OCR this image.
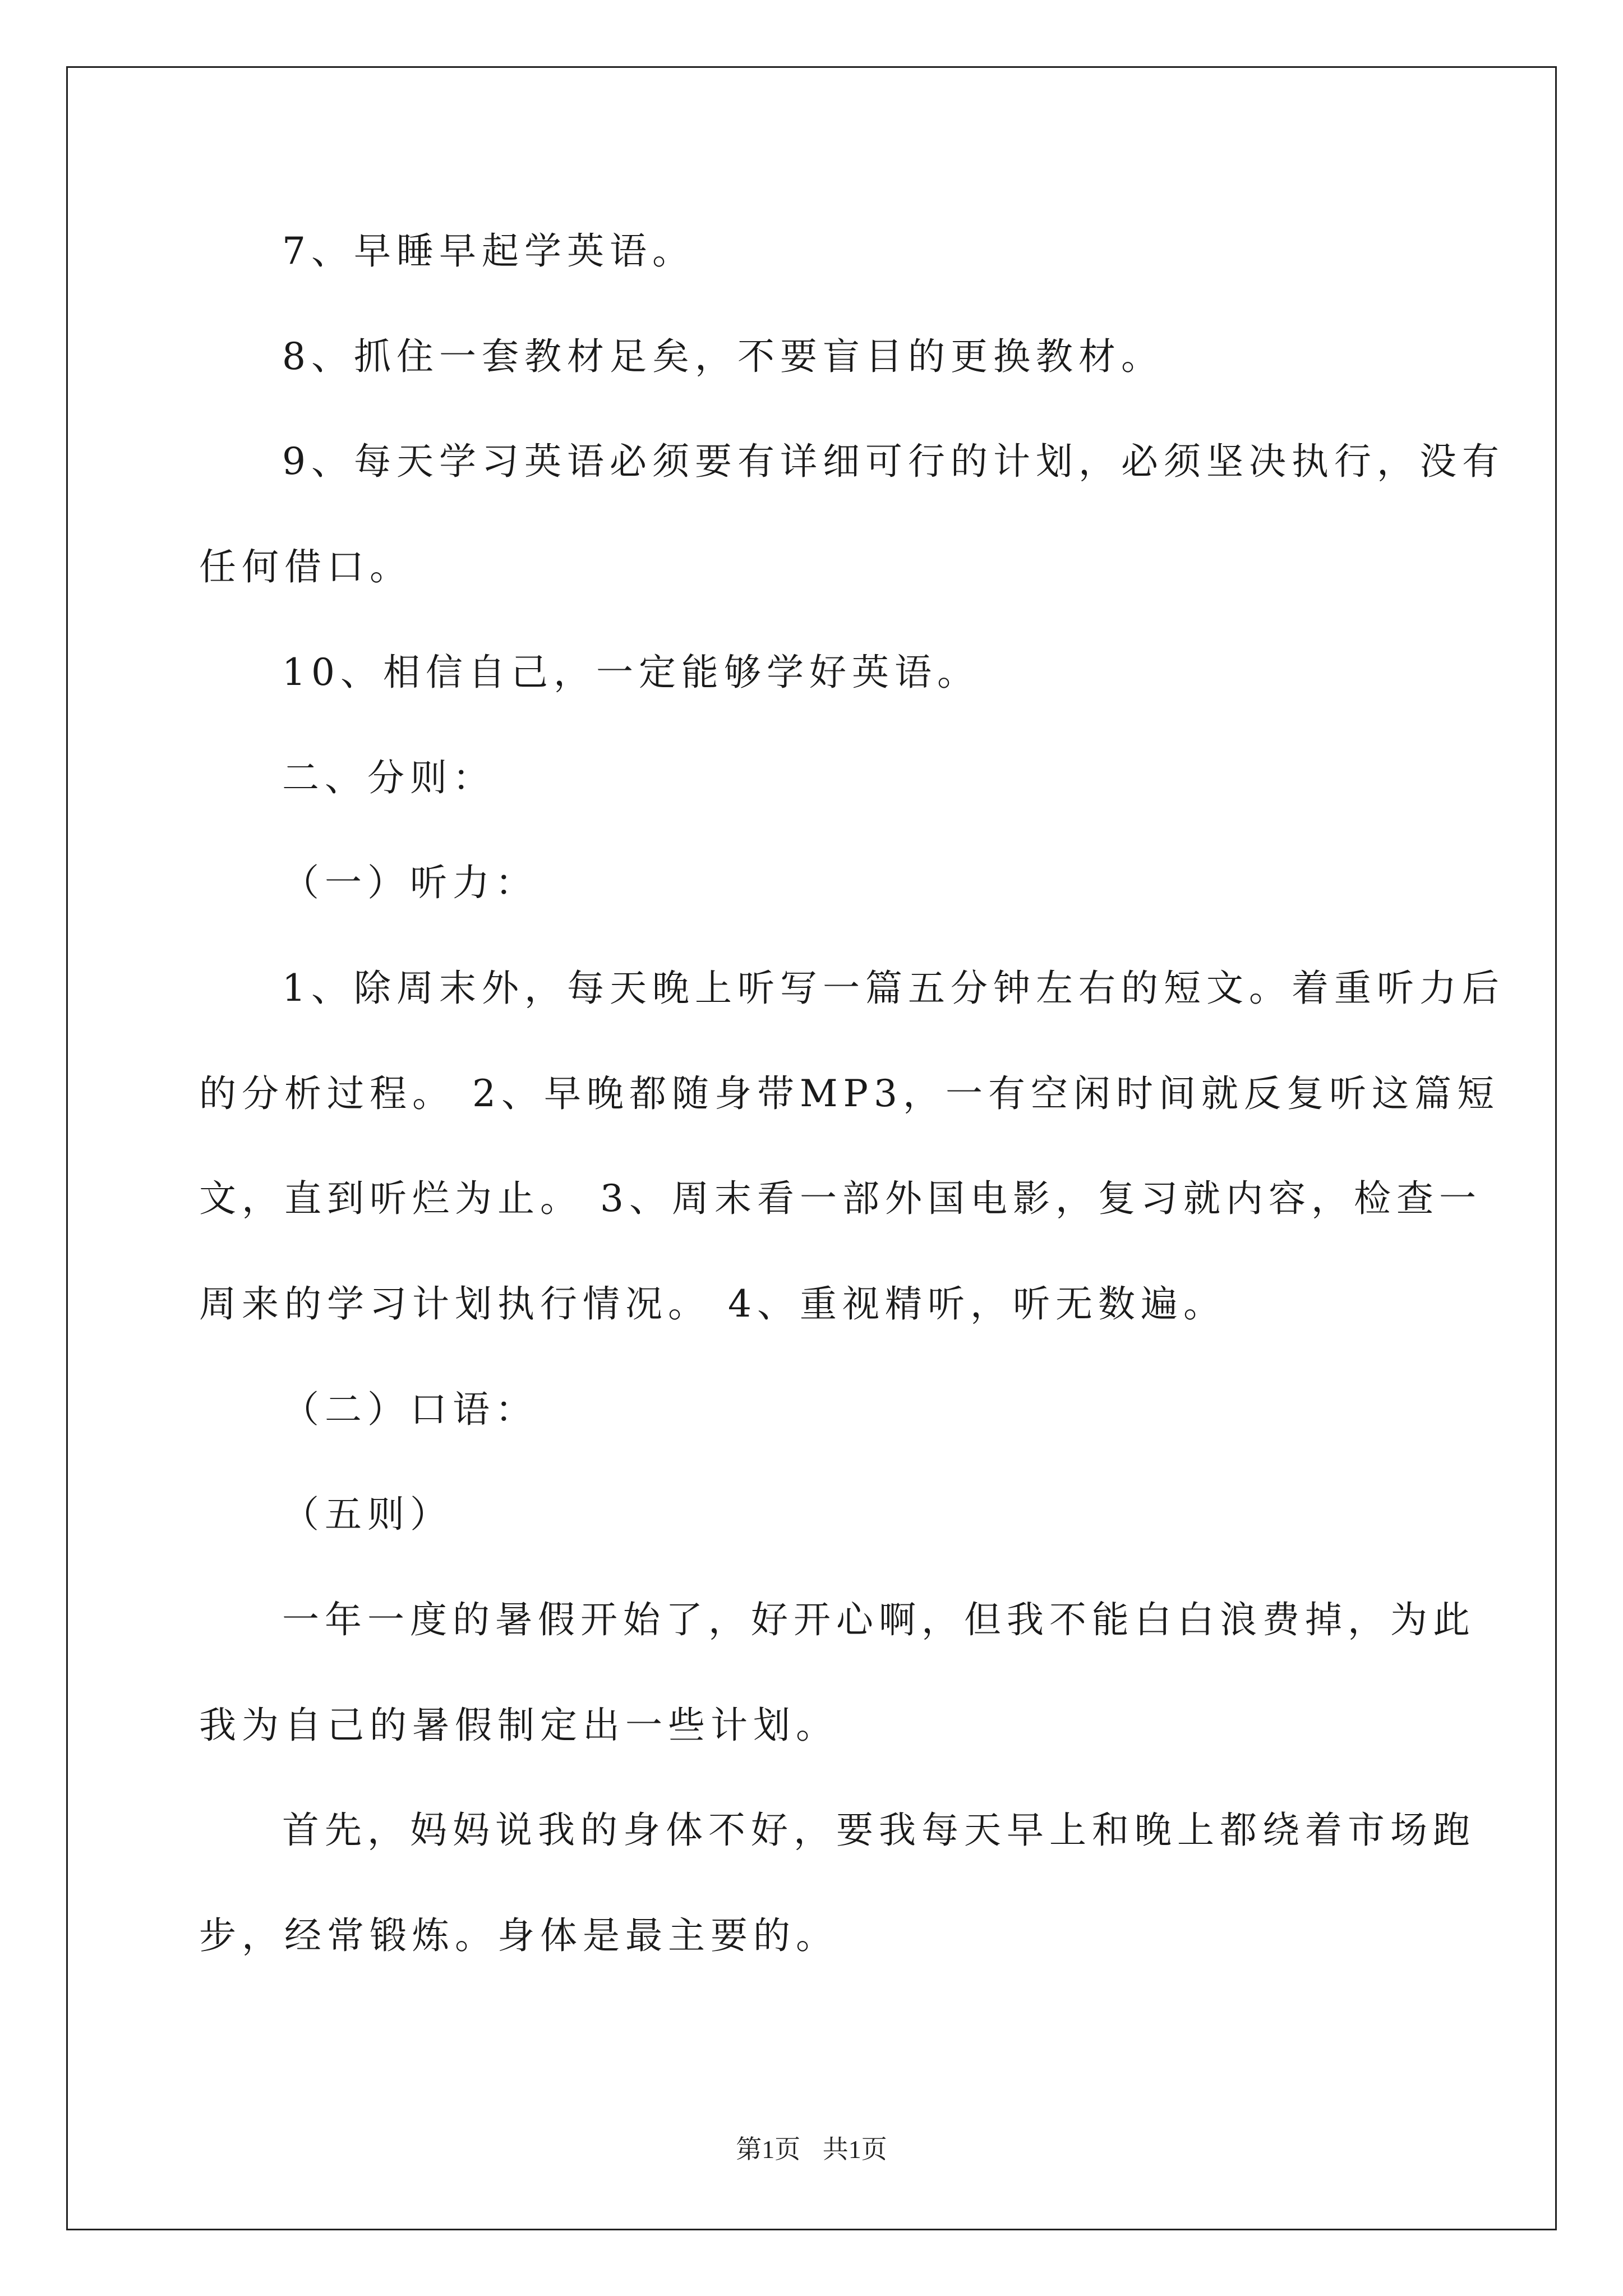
7、早睡早起学英语。
8、抓住一套教材足矣，不要盲目的更换教材。
9、每天学习英语必须要有详细可行的计划，必须坚决执行，没有
任何借口。
10、相信自己，一定能够学好英语。
二、分则：
（一）听力：
1、除周末外，每天晚上听写一篇五分钟左右的短文。着重听力后
的分析过程。 2、早晚都随身带MP3，一有空闲时间就反复听这篇短
文，直到听烂为止。 3、周末看一部外国电影，复习就内容，检查一
周来的学习计划执行情况。 4、重视精听，听无数遍。
（二）口语：
（五则）
一年一度的暑假开始了，好开心啊，但我不能白白浪费掉，为此
我为自己的暑假制定出一些计划。
首先，妈妈说我的身体不好，要我每天早上和晚上都绕着市场跑
步，经常锻炼。身体是最主要的。
第1页 共1页
